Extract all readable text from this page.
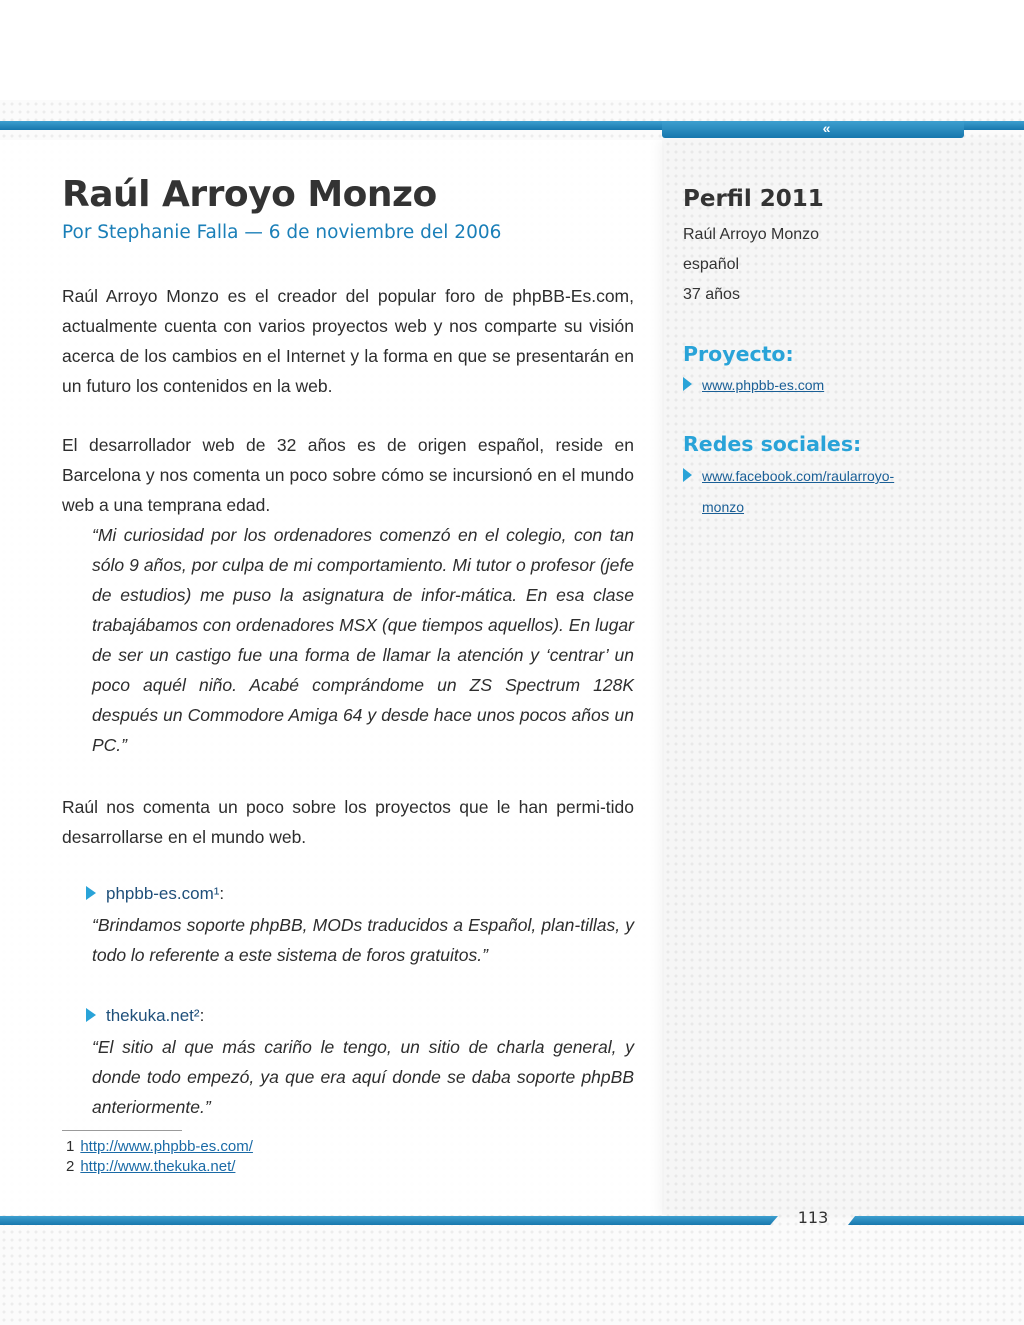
«
Raúl Arroyo Monzo
Por Stephanie Falla — 6 de noviembre del 2006

Raúl Arroyo Monzo es el creador del popular foro de phpBB-Es.com, actualmente cuenta con varios proyectos web y nos comparte su visión acerca de los cambios en el Internet y la forma en que se presentarán en un futuro los contenidos en la web.

El desarrollador web de 32 años es de origen español, reside en Barcelona y nos comenta un poco sobre cómo se incursionó en el mundo web a una temprana edad.

“Mi curiosidad por los ordenadores comenzó en el colegio, con tan sólo 9 años, por culpa de mi comportamiento. Mi tutor o profesor (jefe de estudios) me puso la asignatura de infor-mática. En esa clase trabajábamos con ordenadores MSX (que tiempos aquellos). En lugar de ser un castigo fue una forma de llamar la atención y ‘centrar’ un poco aquél niño. Acabé comprándome un ZS Spectrum 128K después un Commodore Amiga 64 y desde hace unos pocos años un PC.”

Raúl nos comenta un poco sobre los proyectos que le han permi-tido desarrollarse en el mundo web.

phpbb-es.com¹:

“Brindamos soporte phpBB, MODs traducidos a Español, plan-tillas, y todo lo referente a este sistema de foros gratuitos.”

thekuka.net²:

“El sitio al que más cariño le tengo, un sitio de charla general, y donde todo empezó, ya que era aquí donde se daba soporte phpBB anteriormente.”

1 http://www.phpbb-es.com/
2 http://www.thekuka.net/
Perfil 2011
Raúl Arroyo Monzo
español
37 años
Proyecto:
www.phpbb-es.com
Redes sociales:
www.facebook.com/raularroyo-
monzo
113
